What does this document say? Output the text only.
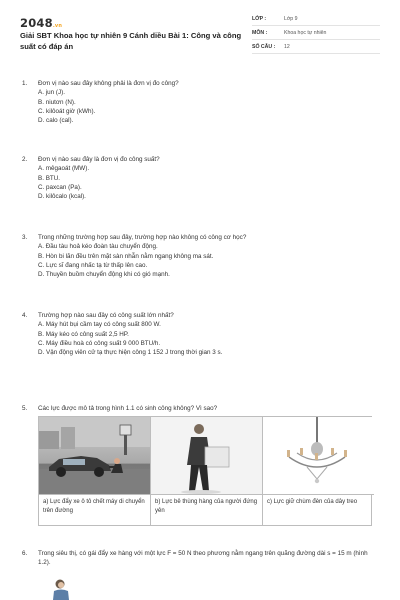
2048.vn
Giải SBT Khoa học tự nhiên 9 Cánh diều Bài 1: Công và công suất có đáp án
LỚP :	Lớp 9
MÔN :	Khoa học tự nhiên
SỐ CÂU :	12
1.	Đơn vị nào sau đây không phải là đơn vị đo công?
A. jun (J).
B. niutơn (N).
C. kilôoát giờ (kWh).
D. calo (cal).
2.	Đơn vị nào sau đây là đơn vị đo công suất?
A. mêgaoát (MW).
B. BTU.
C. paxcan (Pa).
D. kilôcalo (kcal).
3.	Trong những trường hợp sau đây, trường hợp nào không có công cơ học?
A. Đầu tàu hoả kéo đoàn tàu chuyển động.
B. Hòn bi lăn đều trên mặt sàn nhẵn nằm ngang không ma sát.
C. Lực sĩ đang nhấc tạ từ thấp lên cao.
D. Thuyền buồm chuyển động khi có gió mạnh.
4.	Trường hợp nào sau đây có công suất lớn nhất?
A. Máy hút bụi cầm tay có công suất 800 W.
B. Máy kéo có công suất 2,5 HP.
C. Máy điều hoà có công suất 9 000 BTU/h.
D. Vận động viên cử tạ thực hiện công 1 152 J trong thời gian 3 s.
5.	Các lực được mô tả trong hình 1.1 có sinh công không? Vì sao?
a) Lực đẩy xe ô tô chết máy di chuyển trên đường
b) Lực bê thùng hàng của người đứng yên
c) Lực giữ chùm đèn của dây treo
6.	Trong siêu thị, có gái đẩy xe hàng với một lực F = 50 N theo phương nằm ngang trên quãng đường dài s = 15 m (hình 1.2).
